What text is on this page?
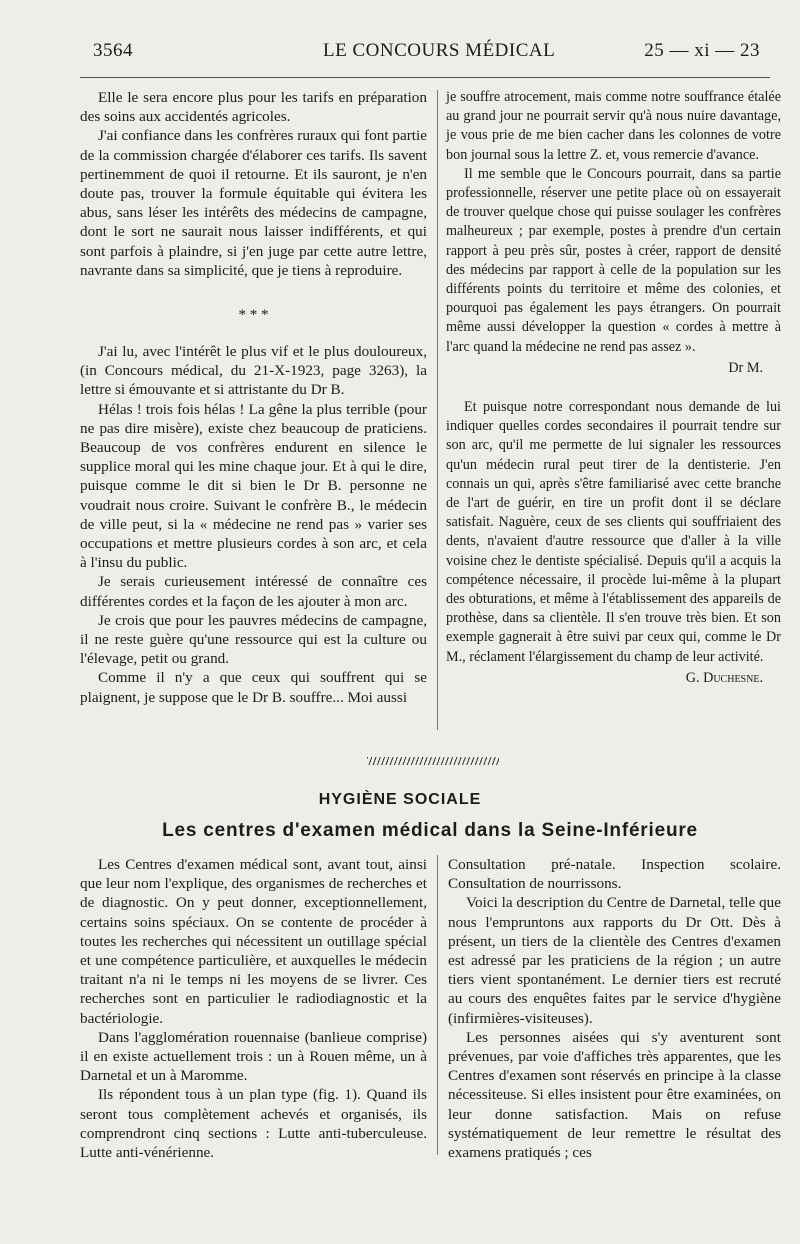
3564	LE CONCOURS MÉDICAL	25 — xi — 23

Elle le sera encore plus pour les tarifs en préparation des soins aux accidentés agricoles.

J'ai confiance dans les confrères ruraux qui font partie de la commission chargée d'élaborer ces tarifs. Ils savent pertinemment de quoi il retourne. Et ils sauront, je n'en doute pas, trouver la formule équitable qui évitera les abus, sans léser les intérêts des médecins de campagne, dont le sort ne saurait nous laisser indifférents, et qui sont parfois à plaindre, si j'en juge par cette autre lettre, navrante dans sa simplicité, que je tiens à reproduire.

* * *

J'ai lu, avec l'intérêt le plus vif et le plus douloureux, (in Concours médical, du 21-X-1923, page 3263), la lettre si émouvante et si attristante du Dr B.

Hélas ! trois fois hélas ! La gêne la plus terrible (pour ne pas dire misère), existe chez beaucoup de praticiens. Beaucoup de vos confrères endurent en silence le supplice moral qui les mine chaque jour. Et à qui le dire, puisque comme le dit si bien le Dr B. personne ne voudrait nous croire. Suivant le confrère B., le médecin de ville peut, si la « médecine ne rend pas » varier ses occupations et mettre plusieurs cordes à son arc, et cela à l'insu du public.

Je serais curieusement intéressé de connaître ces différentes cordes et la façon de les ajouter à mon arc.

Je crois que pour les pauvres médecins de campagne, il ne reste guère qu'une ressource qui est la culture ou l'élevage, petit ou grand.

Comme il n'y a que ceux qui souffrent qui se plaignent, je suppose que le Dr B. souffre... Moi aussi

je souffre atrocement, mais comme notre souffrance étalée au grand jour ne pourrait servir qu'à nous nuire davantage, je vous prie de me bien cacher dans les colonnes de votre bon journal sous la lettre Z. et, vous remercie d'avance.

Il me semble que le Concours pourrait, dans sa partie professionnelle, réserver une petite place où on essayerait de trouver quelque chose qui puisse soulager les confrères malheureux ; par exemple, postes à prendre d'un certain rapport à peu près sûr, postes à créer, rapport de densité des médecins par rapport à celle de la population sur les différents points du territoire et même des colonies, et pourquoi pas également les pays étrangers. On pourrait même aussi développer la question « cordes à mettre à l'arc quand la médecine ne rend pas assez ».

Dr M.

Et puisque notre correspondant nous demande de lui indiquer quelles cordes secondaires il pourrait tendre sur son arc, qu'il me permette de lui signaler les ressources qu'un médecin rural peut tirer de la dentisterie. J'en connais un qui, après s'être familiarisé avec cette branche de l'art de guérir, en tire un profit dont il se déclare satisfait. Naguère, ceux de ses clients qui souffriaient des dents, n'avaient d'autre ressource que d'aller à la ville voisine chez le dentiste spécialisé. Depuis qu'il a acquis la compétence nécessaire, il procède lui-même à la plupart des obturations, et même à l'établissement des appareils de prothèse, dans sa clientèle. Il s'en trouve très bien. Et son exemple gagnerait à être suivi par ceux qui, comme le Dr M., réclament l'élargissement du champ de leur activité.

G. Duchesne.
HYGIÈNE SOCIALE
Les centres d'examen médical dans la Seine-Inférieure

Les Centres d'examen médical sont, avant tout, ainsi que leur nom l'explique, des organismes de recherches et de diagnostic. On y peut donner, exceptionnellement, certains soins spéciaux. On se contente de procéder à toutes les recherches qui nécessitent un outillage spécial et une compétence particulière, et auxquelles le médecin traitant n'a ni le temps ni les moyens de se livrer. Ces recherches sont en particulier le radiodiagnostic et la bactériologie.

Dans l'agglomération rouennaise (banlieue comprise) il en existe actuellement trois : un à Rouen même, un à Darnetal et un à Maromme.

Ils répondent tous à un plan type (fig. 1). Quand ils seront tous complètement achevés et organisés, ils comprendront cinq sections : Lutte anti-tuberculeuse. Lutte anti-vénérienne.

Consultation pré-natale. Inspection scolaire. Consultation de nourrissons.

Voici la description du Centre de Darnetal, telle que nous l'empruntons aux rapports du Dr Ott. Dès à présent, un tiers de la clientèle des Centres d'examen est adressé par les praticiens de la région ; un autre tiers vient spontanément. Le dernier tiers est recruté au cours des enquêtes faites par le service d'hygiène (infirmières-visiteuses).

Les personnes aisées qui s'y aventurent sont prévenues, par voie d'affiches très apparentes, que les Centres d'examen sont réservés en principe à la classe nécessiteuse. Si elles insistent pour être examinées, on leur donne satisfaction. Mais on refuse systématiquement de leur remettre le résultat des examens pratiqués ; ces
